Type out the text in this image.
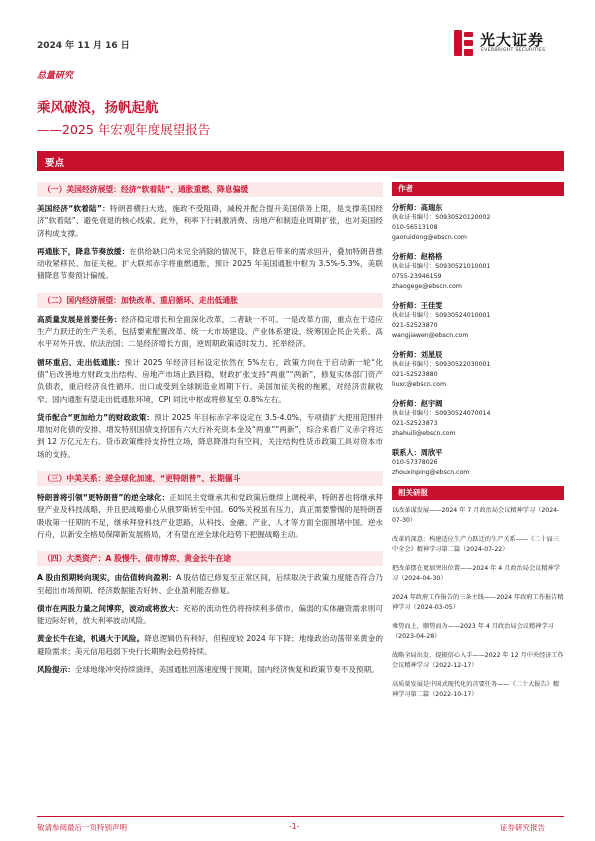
2024 年 11 月 16 日	光大证券
EVERBRIGHT SECURITIES
总量研究
乘风破浪，扬帆起航
——2025 年宏观年度展望报告
要点
（一）美国经济展望：经济“软着陆”、通胀重燃、降息偏缓
美国经济“软着陆”：特朗普横扫大选，施政不受阻碍，减税并配合提升美国债务上限，是支撑美国经济“软着陆”、避免衰退的核心线索。此外，利率下行刺激消费、房地产和制造业周期扩张，也对美国经济构成支撑。
再通胀下，降息节奏放缓：在供给缺口尚未完全消除的情况下，降息后带来的需求回升，叠加特朗普推动收紧移民、加征关税、扩大联邦赤字将重燃通胀，预计 2025 年美国通胀中枢为 3.5%-5.3%，美联储降息节奏预计偏缓。
（二）国内经济展望：加快改革、重启循环、走出低通胀
高质量发展是首要任务：经济稳定增长和全面深化改革，二者缺一不可。一是改革方面，重点在于适应生产力跃迁的生产关系，包括要素配置改革、统一大市场建设、产业体系建设、统筹国企民企关系、高水平对外开放、依法治国；二是经济增长方面，逆周期政策适时发力、托举经济。
循环重启、走出低通胀：预计 2025 年经济目标设定依然在 5%左右，政策方向在于启动新一轮“化债”后改善地方财政支出结构、房地产市场止跌回稳，财政扩张支持“两重”“两新”，修复实体部门资产负债表，重启经济良性循环。出口或受到全球制造业周期下行、美国加征关税的拖累，对经济贡献收窄。国内通胀有望走出低通胀环境，CPI 同比中枢或将修复至 0.8%左右。
货币配合“更加给力”的财政政策：预计 2025 年目标赤字率设定在 3.5-4.0%、专项债扩大使用范围并增加对化债的安排、增发特别国债支持国有六大行补充资本金及“两重”“两新”，综合来看广义赤字将达到 12 万亿元左右。货币政策维持支持性立场，降息降准均有空间，关注结构性货币政策工具对资本市场的支持。
（三）中美关系：逆全球化加速、“更特朗普”、长期僵斗
特朗普将引领“更特朗普”的逆全球化：正如民主党继承共和党政策后继续上调税率，特朗普也将继承拜登产业及科技战略，并且把战略重心从俄罗斯转至中国。60%关税虽有压力，真正需要警惕的是特朗普吸收第一任期的不足，继承拜登科技产业思路，从科技、金融、产业、人才等方面全面围堵中国。逆水行舟，以新安全格局保障新发展格局，才有望在逆全球化趋势下把握战略主动。
（四）大类资产：A 股慢牛、债市博弈、黄金长牛在途
A 股由预期转向现实，由估值转向盈利：A 股估值已修复至正常区间，后续取决于政策力度能否符合乃至超出市场预期、经济数据能否好转、企业盈利能否修复。
债市在两股力量之间博弈，波动或将放大：充裕的流动性仍将持续利多债市，偏弱的实体融资需求则可能边际好转，放大利率波动风险。
黄金长牛在途，机遇大于风险。降息逻辑仍有利好，但程度较 2024 年下降；地缘政治动荡带来黄金的避险需求；美元信用趋弱下央行长期购金趋势持续。
风险提示：全球地缘冲突持续演绎，美国通胀回落速度慢于预期，国内经济恢复和政策节奏不及预期。
作者
分析师：高瑞东
执业证书编号：S0930520120002
010-56513108
gaoruidong@ebscn.com
分析师：赵格格
执业证书编号：S0930521010001
0755-23946159
zhaogege@ebscn.com
分析师：王佳雯
执业证书编号：S0930524010001
021-52523870
wangjiawen@ebscn.com
分析师：刘星辰
执业证书编号：S0930522030001
021-52523880
liuxc@ebscn.com
分析师：赵宇阔
执业证书编号：S0930524070014
021-52523873
zhahuili@ebscn.com
联系人：周欣平
010-57378026
zhouxinping@ebscn.com
相关研报
以改革谋发展——2024 年 7 月政治局会议精神学习（2024-07-30）
改革的深意：构建适应生产力跃迁的生产关系——《二十届三中全会》精神学习第二篇（2024-07-22）
把改革摆在更加突出位置——2024 年 4 月政治局会议精神学习（2024-04-30）
2024 年政府工作报告的三条主线——2024 年政府工作报告精神学习（2024-03-05）
乘势而上，顺势而为——2023 年 4 月政治局会议精神学习（2023-04-28）
战略全局出发，提振信心入手——2022 年 12 月中央经济工作会议精神学习（2022-12-17）
高质量发展是中国式现代化的首要任务——《二十大报告》精神学习第二篇（2022-10-17）
敬请参阅最后一页特别声明	-1-	证券研究报告
